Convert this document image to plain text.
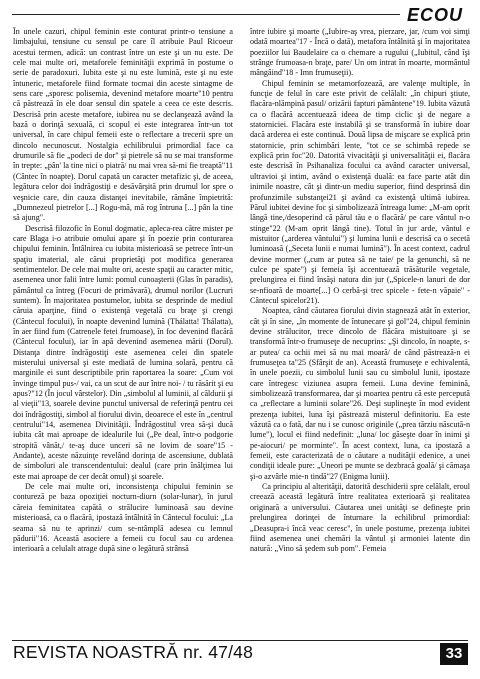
ECOU

În unele cazuri, chipul feminin este conturat printr-o tensiune a limbajului, tensiune cu sensul pe care îl atribuie Paul Ricoeur acestui termen, adică: un contrast între un este şi un nu este. De cele mai multe ori, metaforele feminităţii exprimă în postume o serie de paradoxuri. Iubita este şi nu este lumină, este şi nu este întuneric, metaforele fiind formate tocmai din aceste sintagme de sens care „sporesc polisemia, devenind metafore moarte"10 pentru că păstrează în ele doar sensul din spatele a ceea ce este descris. Descrisă prin aceste metafore, iubirea nu se declanşează având la bază o dorinţă sexuală, ci scopul ei este integrarea într-un tot universal, în care chipul femeii este o reflectare a trecerii spre un dincolo necunoscut. Nostalgia echilibrului primordial face ca drumurile să fie „podeci de dor" şi pietrele să nu se mai transforme în trepte: „pân' la tine nici o piatră/ nu mai vrea să-mi fie treaptă"11 (Cântec în noapte). Dorul capată un caracter metafizic şi, de aceea, legătura celor doi îndrăgostiţi e desăvârşită prin drumul lor spre o veşnicie care, din cauza distanţei inevitabile, rămâne împietrită: „Dumnezeul pietrelor [...] Rogu-mă, mă rog întruna [...] pân la tine să ajung".

Descrisă filozofic în Eonul dogmatic, apleca-rea către mister pe care Blaga i-o atribuie omului apare şi în poezie prin conturarea chipului feminin. Întâlnirea cu iubita misterioasă se petrece într-un spaţiu imaterial, ale cărui proprietăţi pot modifica generarea sentimentelor. De cele mai multe ori, aceste spaţii au caracter mitic, asemenea unor falii între lumi: pomul cunoaşterii (Glas în paradis), pământul ca întreg (Focuri de primăvară), drumul norilor (Lucruri suntem). În majoritatea postumelor, iubita se desprinde de mediul căruia aparţine, fiind o existenţă vegetală cu braţe şi crengi (Cântecul focului), în noapte devenind lumină (Thálatta! Thálatta), în aer fiind fum (Catrenele fetei frumoase), în foc devenind flacără (Cântecul focului), iar în apă devenind asemenea mării (Dorul). Distanţa dintre îndrăgostiţi este asemenea celei din spatele misterului universal şi este mediată de lumina solară, pentru că marginile ei sunt descriptibile prin raportarea la soare: „Cum voi învinge timpul pus-/ vai, ca un scut de aur între noi- / tu răsărit şi eu apus?"12 (În jocul vârstelor). Din „simbolul al luminii, al căldurii şi al vieţii"13, soarele devine punctul universal de referinţă pentru cei doi îndrăgostiţi, simbol al fiorului divin, deoarece el este în „centrul centrului"14, asemenea Divinităţii. Îndrăgostitul vrea să-şi ducă iubita cât mai aproape de idealurile lui („Pe deal, într-o podgorie stropită vânăt,/ te-aş duce unceri să ne lovim de soare"15 - Andante), aceste năzuinţe revelând dorinţa de ascensiune, dublată de simboluri ale transcendentului: dealul (care prin înălţimea lui este mai aproape de cer decât omul) şi soarele.

De cele mai multe ori, inconsistenţa chipului feminin se contureză pe baza opoziţiei nocturn-diurn (solar-lunar), în jurul căreia feminitatea capătă o strălucire luminoasă sau devine misterioasă, ca o flacără, ipostază întâlnită în Cântecul focului: „La seama să nu te aprinzi/ cum se-ntâmplă adesea cu lemnul pădurii"16. Această asociere a femeii cu focul sau cu ardenea interioară a celulalt atrage după sine o legătură strânsă

între iubire şi moarte („Iubire-aş vrea, pierzare, jar, /cum voi simţi odată moartea"17 - Încă o dată), metafora întâlnită şi în majoritatea poeziilor lui Baudelaire ca o chemare a rugului („Iubitul, când îşi strânge frumoasa-n braţe, pare/ Un om intrat în moarte, mormântul mângâind"18 - Imn frumuseţii).

Chipul feminin se metamorfozează, are valenţe multiple, în funcţie de felul în care este privit de celălalt: „în chipuri ştiute, flacăra-nlămpină pasul/ orizării fapturi pământene"19. Iubita văzută ca o flacără accentuează ideea de timp ciclic şi de negare a statorniciei. Flacăra este instabilă şi se transformă în iubire doar dacă arderea ei este continuă. Două lipsa de mişcare se explică prin statornicie, prin schimbări lente, "tot ce se schimbă repede se explică prin foc"20. Datorită vivacităţii şi universalităţii ei, flacăra este descrisă în Psihanaliza focului ca având caracter universal, ultravioi şi intim, având o existenţă duală: ea face parte atât din inimile noastre, cât şi dintr-un mediu superior, fiind desprinsă din profunzimile substanţei21 şi având ca existenţă ultimă iubirea. Părul iubitei devine foc şi simbolizează întreaga lume: „M-am oprit lângă tine,/desoperind că părul tău e o flacără/ pe care vântul n-o stinge"22 (M-am oprit lângă tine). Totul în jur arde, vântul e mistuitor („arderea vântului") şi lumina lunii e descrisă ca o secetă luminoasă („Seceta lunii e numai lumină"). În acest context, cadrul devine mormer („cum ar putea să ne taie/ pe la genunchi, să ne culce pe spate") şi femeia îşi accentuează trăsăturile vegetale, prelungirea ei fiind însăşi natura din jur („Spicele-n lanuri de dor se-nfioară de moarte[...] O cerbă-şi trec spicele - fete-n văpaie" - Cântecul spicelor21).

Noaptea, când căutarea fiorului divin stagnează atât în exterior, cât şi în sine, „în momente de întunecare şi gol"24, chipul feminin devine strălucitor, trece dincolo de flăcăra mistuitoare şi se transformă într-o frumuseţe de necuprins: „Şi dincolo, în noapte, s-ar putea/ ca ochii mei să nu mai moară/ de când păstrează-n ei frumuseţea ta"25 (Sfârşit de an). Această frumuseţe e echivalentă, în unele poezii, cu simbolul lunii sau cu simbolul lunii, ipostaze care întregesc viziunea asupra femeii. Luna devine feminină, simbolizează transformarea, dar şi moartea pentru că este percepută ca „reflectare a luminii solare"26. Deşi suplineşte în mod evident prezenţa iubitei, luna îşi păstrează misterul definitoriu. Ea este văzută ca o fată, dar nu i se cunosc originile („prea tărziu născută-n lume"), locul ei fiind nedefinit: „luna/ loc găseşte doar în inimi şi pe-aiocuri/ pe morminte". În acest context, luna, ca ipostază a femeii, este caracterizată de o căutare a nudităţii edenice, a unei condiţii ideale pure: „Uneori pe munte se dezbracă goală/ şi cămaşa şi-o azvârle mie-n tindă"27 (Enigma lunii).

Ca principiu al alterităţii, datorită deschiderii spre celălalt, eroul creează această legătură între realitatea exterioară şi realitatea originară a universului. Căutarea unei unităţi se defineşte prin prelungirea dorinţei de înturnare la echilibrul primordial: „Deasupra-i încă veac ceresc", în unele postume, prezenţa iubitei fiind asemenea unei chemări la vântul şi armoniei latente din natură: „Vino să şedem sub pom". Femeia

REVISTA NOASTRĂ nr. 47/48	33
